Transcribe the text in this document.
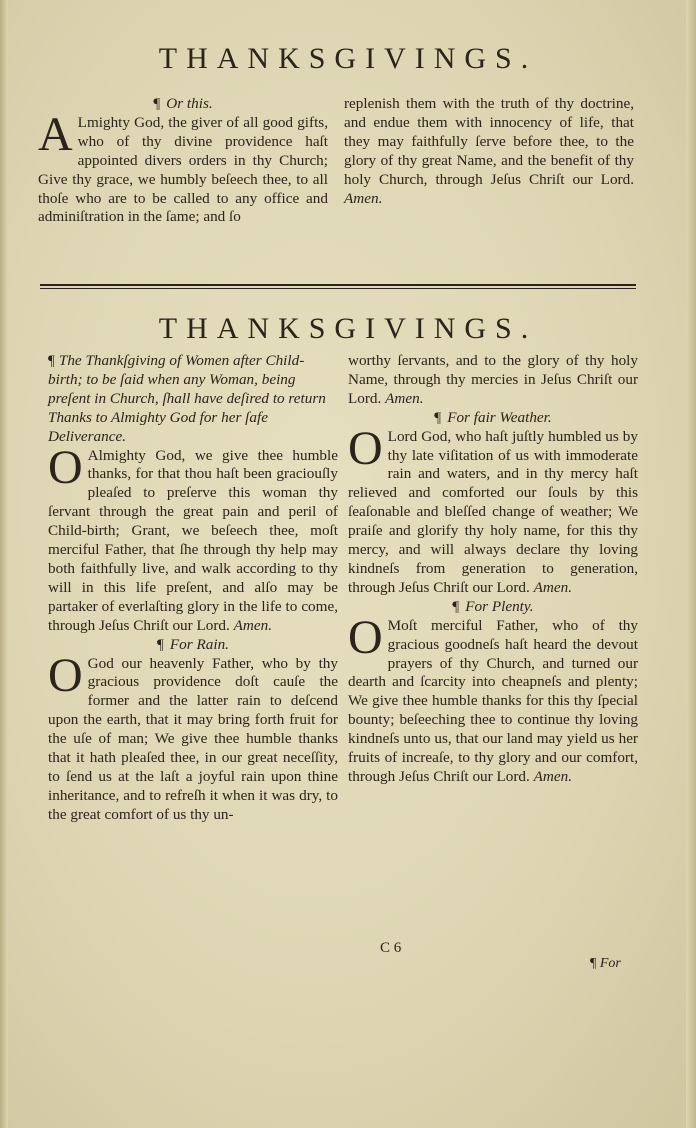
THANKSGIVINGS.

¶ Or this.

A Lmighty God, the giver of all good gifts, who of thy divine providence haſt appointed divers orders in thy Church; Give thy grace, we humbly beſeech thee, to all thoſe who are to be called to any office and adminiſtration in the ſame; and ſo

replenish them with the truth of thy doctrine, and endue them with innocency of life, that they may faithfully ſerve before thee, to the glory of thy great Name, and the benefit of thy holy Church, through Jeſus Chriſt our Lord. Amen.

THANKSGIVINGS.

¶ The Thankſgiving of Women after Child-birth; to be ſaid when any Woman, being preſent in Church, ſhall have deſired to return Thanks to Almighty God for her ſafe Deliverance.

O Almighty God, we give thee humble thanks, for that thou haſt been graciouſly pleaſed to preſerve this woman thy ſervant through the great pain and peril of Child-birth; Grant, we beſeech thee, moſt merciful Father, that ſhe through thy help may both faithfully live, and walk according to thy will in this life preſent, and alſo may be partaker of everlaſting glory in the life to come, through Jeſus Chriſt our Lord. Amen.

¶ For Rain.

O God our heavenly Father, who by thy gracious providence doſt cauſe the former and the latter rain to deſcend upon the earth, that it may bring forth fruit for the uſe of man; We give thee humble thanks that it hath pleaſed thee, in our great neceſſity, to ſend us at the laſt a joyful rain upon thine inheritance, and to refreſh it when it was dry, to the great comfort of us thy un-

worthy ſervants, and to the glory of thy holy Name, through thy mercies in Jeſus Chriſt our Lord. Amen.

¶ For fair Weather.

O Lord God, who haſt juſtly humbled us by thy late viſitation of us with immoderate rain and waters, and in thy mercy haſt relieved and comforted our ſouls by this ſeaſonable and bleſſed change of weather; We praiſe and glorify thy holy name, for this thy mercy, and will always declare thy loving kindneſs from generation to generation, through Jeſus Chriſt our Lord. Amen.

¶ For Plenty.

O Moſt merciful Father, who of thy gracious goodneſs haſt heard the devout prayers of thy Church, and turned our dearth and ſcarcity into cheapneſs and plenty; We give thee humble thanks for this thy ſpecial bounty; beſeeching thee to continue thy loving kindneſs unto us, that our land may yield us her fruits of increaſe, to thy glory and our comfort, through Jeſus Chriſt our Lord. Amen.

C 6
¶ For
